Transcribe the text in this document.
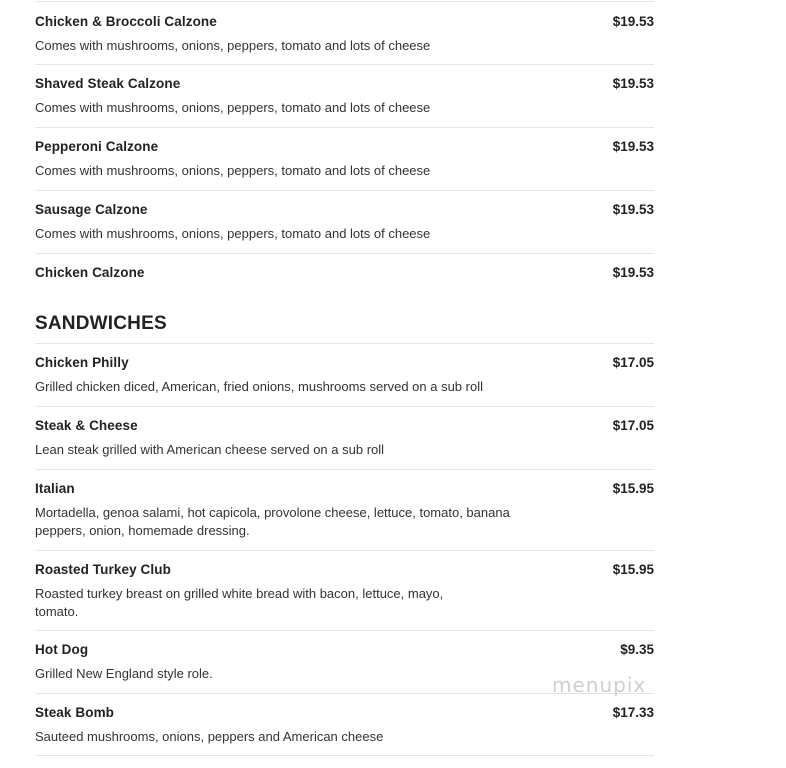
Chicken & Broccoli Calzone	$19.53
Comes with mushrooms, onions, peppers, tomato and lots of cheese
Shaved Steak Calzone	$19.53
Comes with mushrooms, onions, peppers, tomato and lots of cheese
Pepperoni Calzone	$19.53
Comes with mushrooms, onions, peppers, tomato and lots of cheese
Sausage Calzone	$19.53
Comes with mushrooms, onions, peppers, tomato and lots of cheese
Chicken Calzone	$19.53
SANDWICHES
Chicken Philly	$17.05
Grilled chicken diced, American, fried onions, mushrooms served on a sub roll
Steak & Cheese	$17.05
Lean steak grilled with American cheese served on a sub roll
Italian	$15.95
Mortadella, genoa salami, hot capicola, provolone cheese, lettuce, tomato, banana peppers, onion, homemade dressing.
Roasted Turkey Club	$15.95
Roasted turkey breast on grilled white bread with bacon, lettuce, mayo, tomato.
Hot Dog	$9.35
Grilled New England style role.
Steak Bomb	$17.33
Sauteed mushrooms, onions, peppers and American cheese
menupix
